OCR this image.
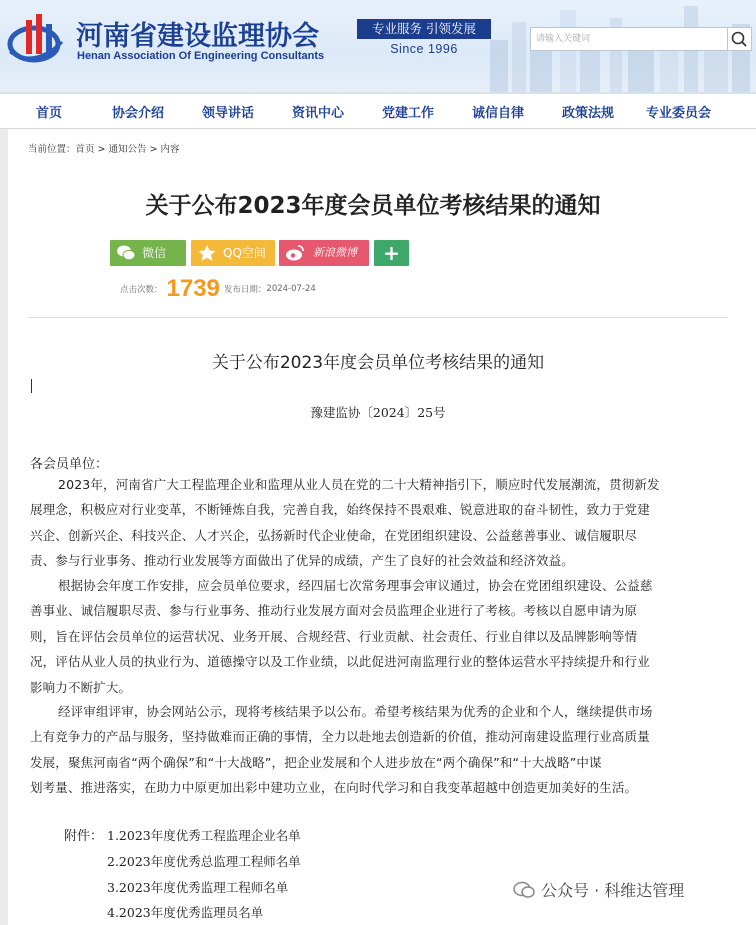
河南省建设监理协会
Henan Association Of Engineering Consultants
专业服务 引领发展
Since 1996
请输入关键词
首页	协会介绍	领导讲话	资讯中心	党建工作	诚信自律	政策法规 专业委员会
当前位置：首页 > 通知公告 > 内容
关于公布2023年度会员单位考核结果的通知
微信	QQ空间	新浪微博	+
点击次数： 1739 发布日期：2024-07-24
关于公布2023年度会员单位考核结果的通知
豫建监协〔2024〕25号
各会员单位：
2023年，河南省广大工程监理企业和监理从业人员在党的二十大精神指引下，顺应时代发展潮流，贯彻新发
展理念，积极应对行业变革，不断锤炼自我，完善自我，始终保持不畏艰难、锐意进取的奋斗韧性，致力于党建
兴企、创新兴企、科技兴企、人才兴企，弘扬新时代企业使命，在党团组织建设、公益慈善事业、诚信履职尽
责、参与行业事务、推动行业发展等方面做出了优异的成绩，产生了良好的社会效益和经济效益。
根据协会年度工作安排，应会员单位要求，经四届七次常务理事会审议通过，协会在党团组织建设、公益慈
善事业、诚信履职尽责、参与行业事务、推动行业发展方面对会员监理企业进行了考核。考核以自愿申请为原
则，旨在评估会员单位的运营状况、业务开展、合规经营、行业贡献、社会责任、行业自律以及品牌影响等情
况，评估从业人员的执业行为、道德操守以及工作业绩，以此促进河南监理行业的整体运营水平持续提升和行业
影响力不断扩大。
经评审组评审，协会网站公示，现将考核结果予以公布。希望考核结果为优秀的企业和个人，继续提供市场
上有竞争力的产品与服务，坚持做难而正确的事情，全力以赴地去创造新的价值，推动河南建设监理行业高质量
发展，聚焦河南省“两个确保”和“十大战略”，把企业发展和个人进步放在“两个确保”和“十大战略”中谋
划考量、推进落实，在助力中原更加出彩中建功立业，在向时代学习和自我变革超越中创造更加美好的生活。
附件： 1.2023年度优秀工程监理企业名单
2.2023年度优秀总监理工程师名单
3.2023年度优秀监理工程师名单
4.2023年度优秀监理员名单
公众号 · 科维达管理
